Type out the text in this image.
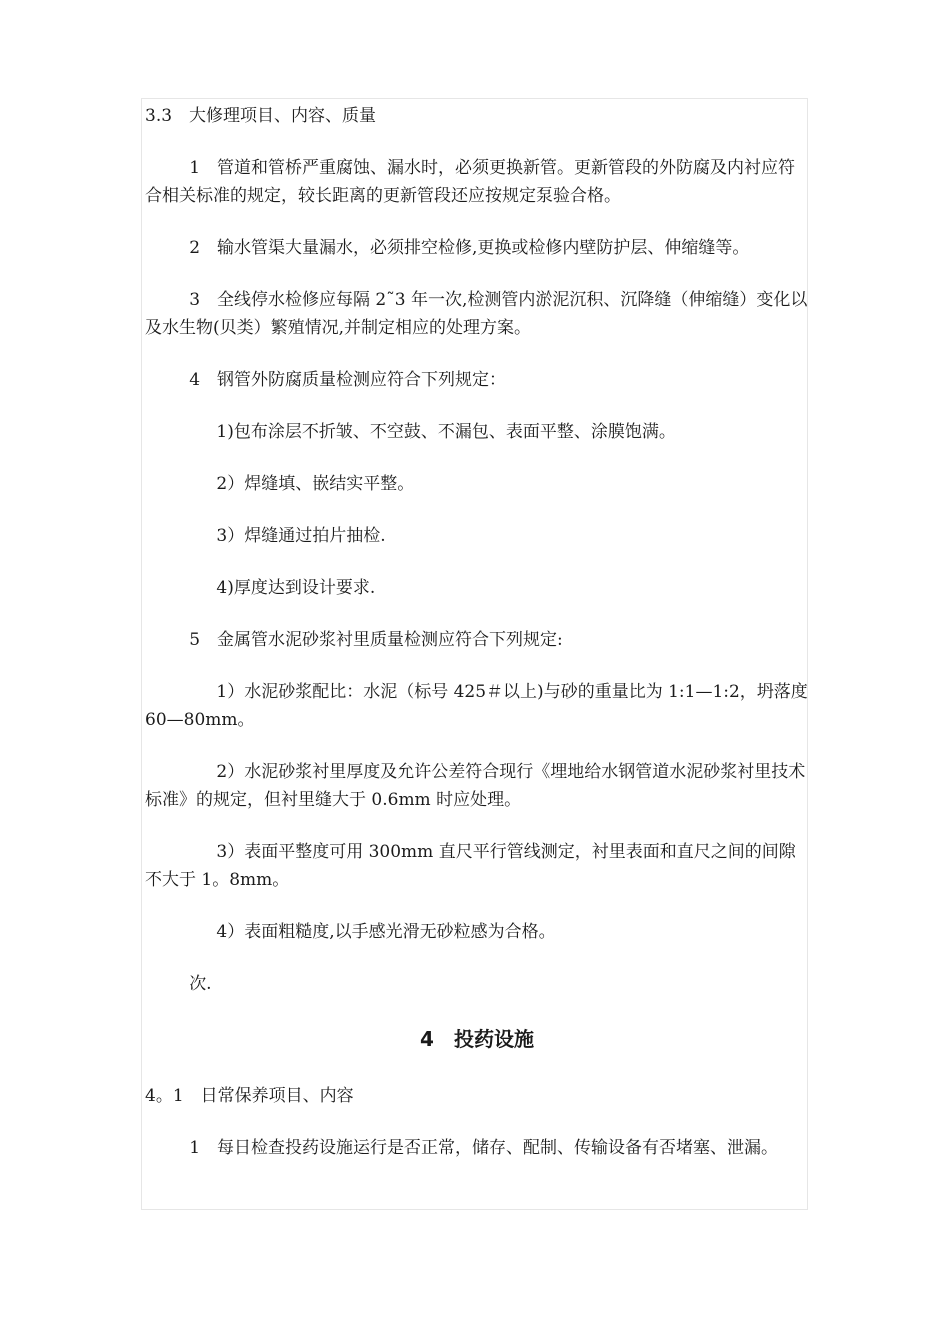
3.3　大修理项目、内容、质量

1　管道和管桥严重腐蚀、漏水时，必须更换新管。更新管段的外防腐及内衬应符合相关标准的规定，较长距离的更新管段还应按规定泵验合格。

2　输水管渠大量漏水，必须排空检修,更换或检修内壁防护层、伸缩缝等。

3　全线停水检修应每隔 2˜3 年一次,检测管内淤泥沉积、沉降缝（伸缩缝）变化以及水生物(贝类）繁殖情况,并制定相应的处理方案。

4　钢管外防腐质量检测应符合下列规定：

1)包布涂层不折皱、不空鼓、不漏包、表面平整、涂膜饱满。

2）焊缝填、嵌结实平整。

3）焊缝通过拍片抽检.

4)厚度达到设计要求.

5　金属管水泥砂浆衬里质量检测应符合下列规定:

1）水泥砂浆配比：水泥（标号 425＃以上)与砂的重量比为 1:1—1:2，坍落度 60—80mm。

2）水泥砂浆衬里厚度及允许公差符合现行《埋地给水钢管道水泥砂浆衬里技术标准》的规定，但衬里缝大于 0.6mm 时应处理。

3）表面平整度可用 300mm 直尺平行管线测定，衬里表面和直尺之间的间隙不大于 1。8mm。

4）表面粗糙度,以手感光滑无砂粒感为合格。

次.

4　投药设施

4。1　日常保养项目、内容

1　每日检查投药设施运行是否正常，储存、配制、传输设备有否堵塞、泄漏。
